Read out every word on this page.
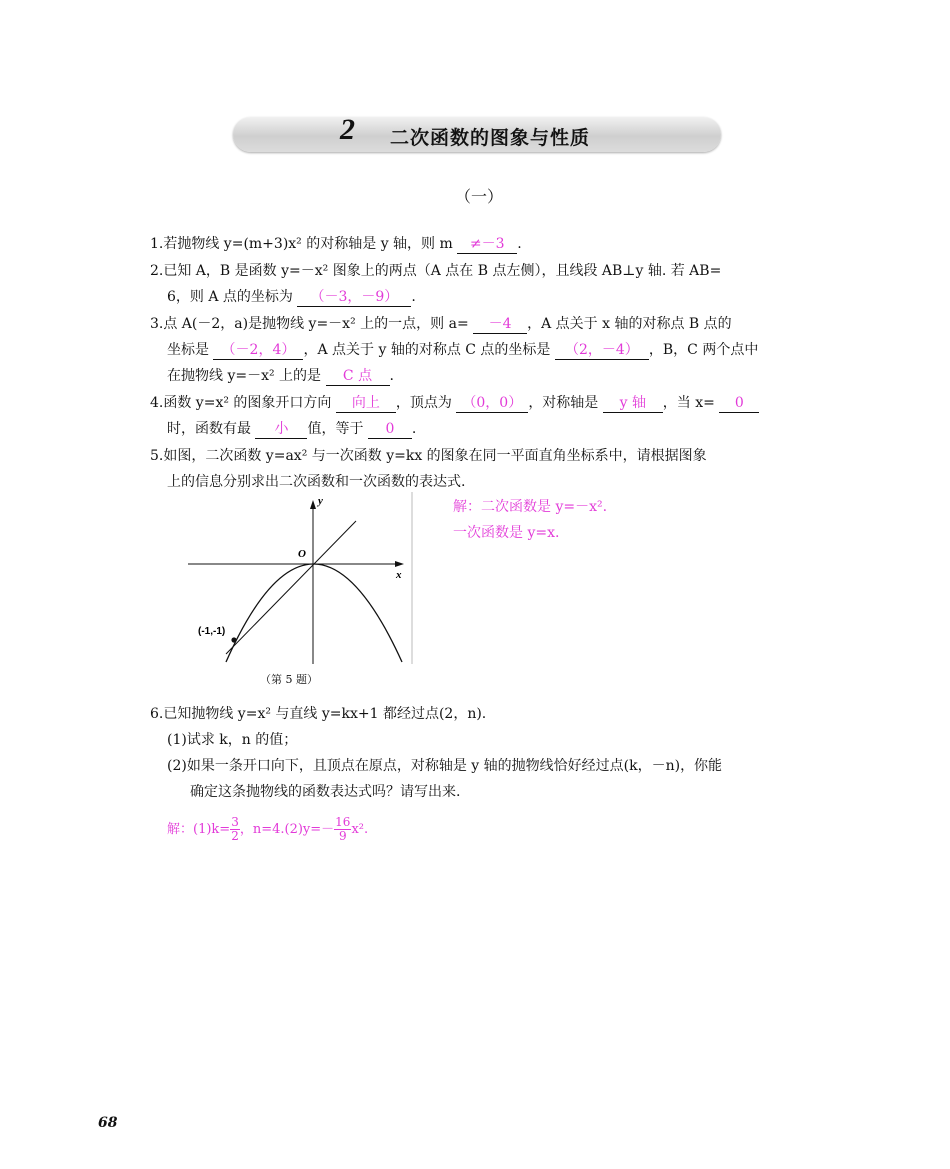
2 二次函数的图象与性质
（一）
1.若抛物线 y=(m+3)x² 的对称轴是 y 轴，则 m ≠－3 .
2.已知 A，B 是函数 y=－x² 图象上的两点（A 点在 B 点左侧），且线段 AB⊥y 轴. 若 AB=
6，则 A 点的坐标为 （－3，－9） .
3.点 A(－2，a)是抛物线 y=－x² 上的一点，则 a= －4 ，A 点关于 x 轴的对称点 B 点的
坐标是 （－2，4） ，A 点关于 y 轴的对称点 C 点的坐标是 （2，－4） ，B，C 两个点中
在抛物线 y=－x² 上的是 C 点 .
4.函数 y=x² 的图象开口方向 向上 ，顶点为 （0，0） ，对称轴是 y 轴 ，当 x= 0
时，函数有最 小 值，等于 0 .
5.如图，二次函数 y=ax² 与一次函数 y=kx 的图象在同一平面直角坐标系中，请根据图象
上的信息分别求出二次函数和一次函数的表达式.
解：二次函数是 y=－x².
一次函数是 y=x.
y
x
O
(-1,-1)
（第 5 题）
6.已知抛物线 y=x² 与直线 y=kx+1 都经过点(2，n).
(1)试求 k，n 的值；
(2)如果一条开口向下，且顶点在原点，对称轴是 y 轴的抛物线恰好经过点(k，－n)，你能
确定这条抛物线的函数表达式吗？请写出来.
解：$(1)k= \frac{3}{2}$ ，$n=4.(2)y=- \frac{16}{9} x^2$.
68
